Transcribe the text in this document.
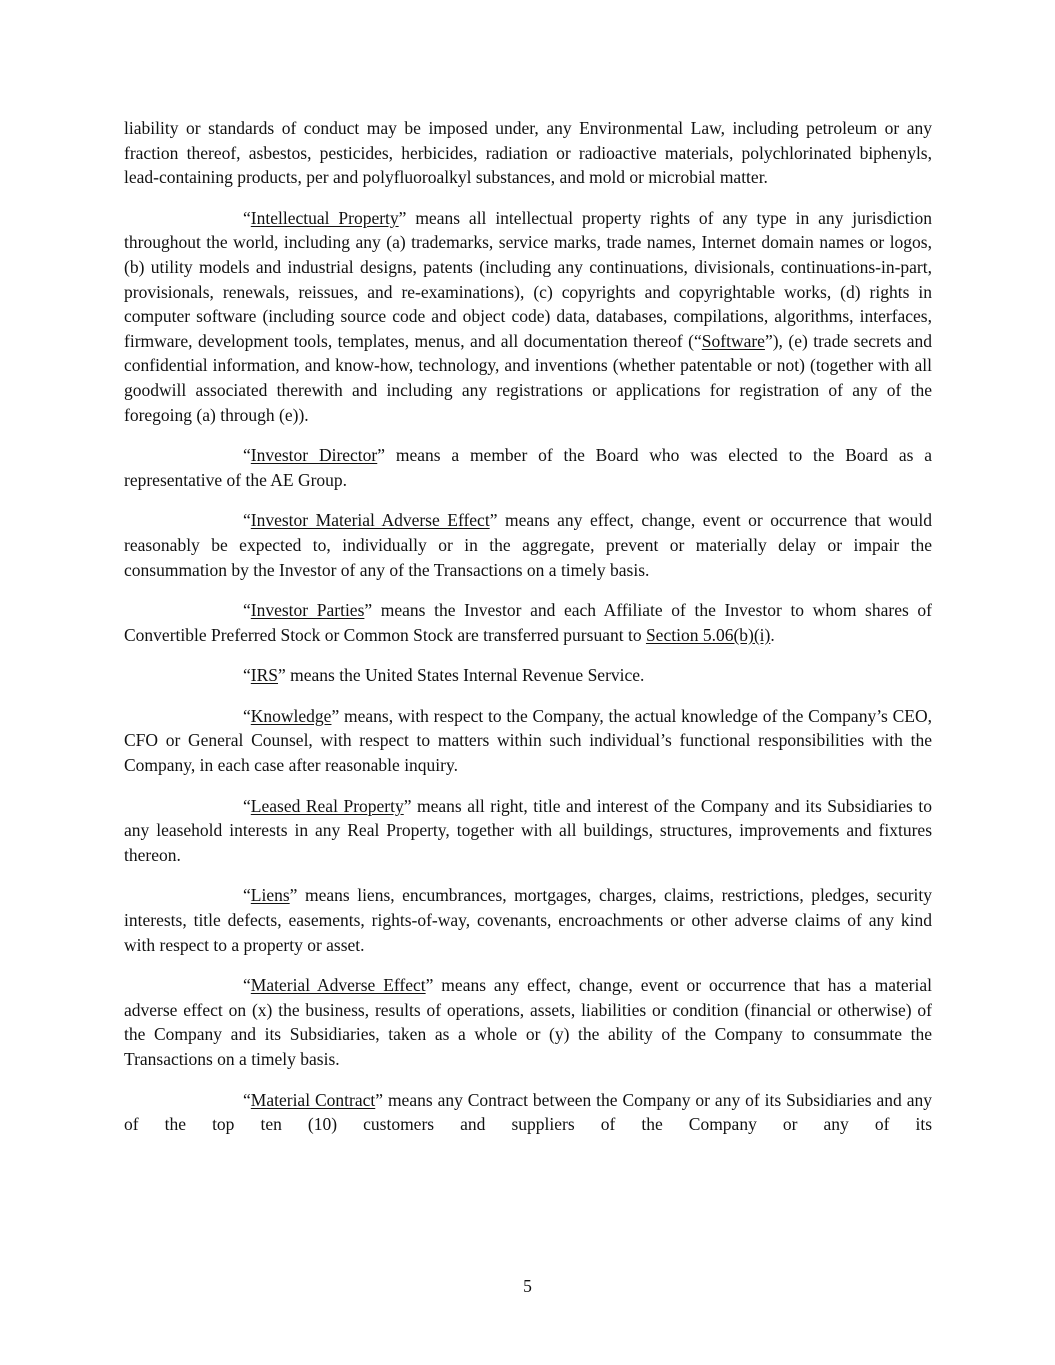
liability or standards of conduct may be imposed under, any Environmental Law, including petroleum or any fraction thereof, asbestos, pesticides, herbicides, radiation or radioactive materials, polychlorinated biphenyls, lead-containing products, per and polyfluoroalkyl substances, and mold or microbial matter.

“Intellectual Property” means all intellectual property rights of any type in any jurisdiction throughout the world, including any (a) trademarks, service marks, trade names, Internet domain names or logos, (b) utility models and industrial designs, patents (including any continuations, divisionals, continuations-in-part, provisionals, renewals, reissues, and re-examinations), (c) copyrights and copyrightable works, (d) rights in computer software (including source code and object code) data, databases, compilations, algorithms, interfaces, firmware, development tools, templates, menus, and all documentation thereof (“Software”), (e) trade secrets and confidential information, and know-how, technology, and inventions (whether patentable or not) (together with all goodwill associated therewith and including any registrations or applications for registration of any of the foregoing (a) through (e)).

“Investor Director” means a member of the Board who was elected to the Board as a representative of the AE Group.

“Investor Material Adverse Effect” means any effect, change, event or occurrence that would reasonably be expected to, individually or in the aggregate, prevent or materially delay or impair the consummation by the Investor of any of the Transactions on a timely basis.

“Investor Parties” means the Investor and each Affiliate of the Investor to whom shares of Convertible Preferred Stock or Common Stock are transferred pursuant to Section 5.06(b)(i).

“IRS” means the United States Internal Revenue Service.

“Knowledge” means, with respect to the Company, the actual knowledge of the Company’s CEO, CFO or General Counsel, with respect to matters within such individual’s functional responsibilities with the Company, in each case after reasonable inquiry.

“Leased Real Property” means all right, title and interest of the Company and its Subsidiaries to any leasehold interests in any Real Property, together with all buildings, structures, improvements and fixtures thereon.

“Liens” means liens, encumbrances, mortgages, charges, claims, restrictions, pledges, security interests, title defects, easements, rights-of-way, covenants, encroachments or other adverse claims of any kind with respect to a property or asset.

“Material Adverse Effect” means any effect, change, event or occurrence that has a material adverse effect on (x) the business, results of operations, assets, liabilities or condition (financial or otherwise) of the Company and its Subsidiaries, taken as a whole or (y) the ability of the Company to consummate the Transactions on a timely basis.

“Material Contract” means any Contract between the Company or any of its Subsidiaries and any of the top ten (10) customers and suppliers of the Company or any of its

5
